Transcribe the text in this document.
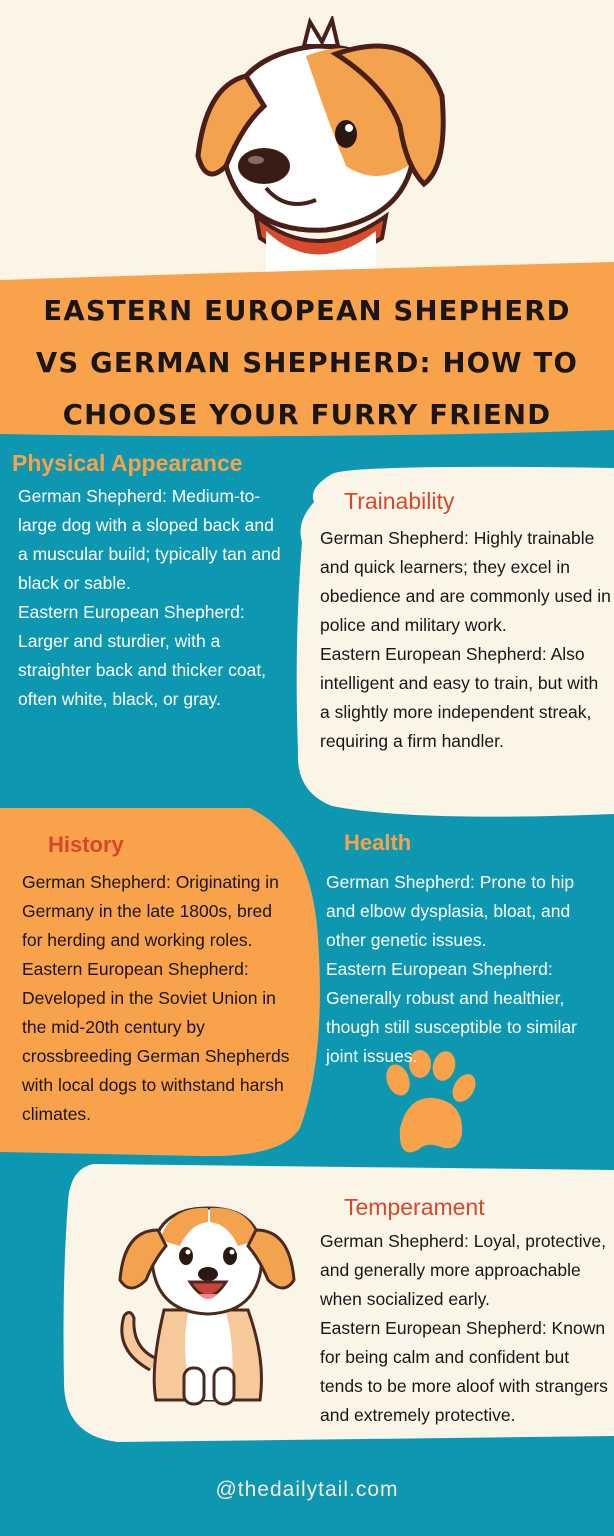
EASTERN EUROPEAN SHEPHERD VS GERMAN SHEPHERD: HOW TO CHOOSE YOUR FURRY FRIEND
Physical Appearance

German Shepherd: Medium-to-large dog with a sloped back and a muscular build; typically tan and black or sable.
Eastern European Shepherd: Larger and sturdier, with a straighter back and thicker coat, often white, black, or gray.

Trainability

German Shepherd: Highly trainable and quick learners; they excel in obedience and are commonly used in police and military work.
Eastern European Shepherd: Also intelligent and easy to train, but with a slightly more independent streak, requiring a firm handler.

History

German Shepherd: Originating in Germany in the late 1800s, bred for herding and working roles.
Eastern European Shepherd: Developed in the Soviet Union in the mid-20th century by crossbreeding German Shepherds with local dogs to withstand harsh climates.

Health

German Shepherd: Prone to hip and elbow dysplasia, bloat, and other genetic issues.
Eastern European Shepherd: Generally robust and healthier, though still susceptible to similar joint issues.

Temperament

German Shepherd: Loyal, protective, and generally more approachable when socialized early.
Eastern European Shepherd: Known for being calm and confident but tends to be more aloof with strangers and extremely protective.

@thedailytail.com
